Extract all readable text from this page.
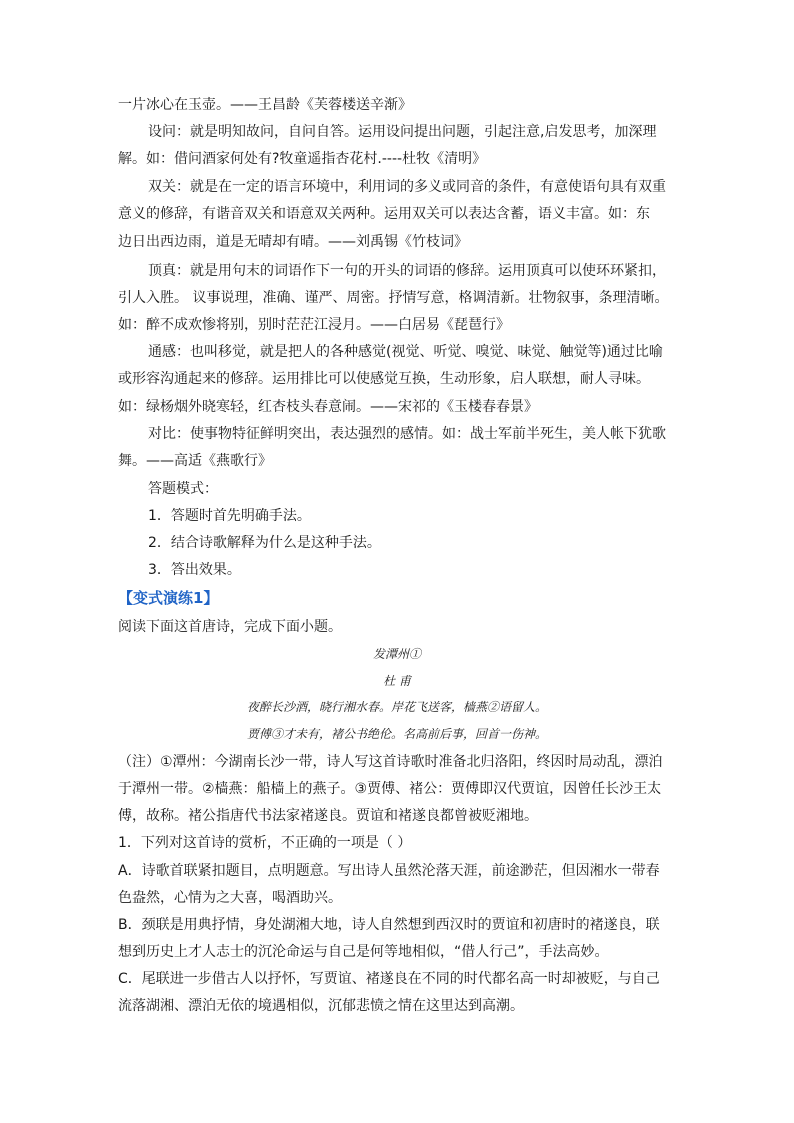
一片冰心在玉壶。——王昌龄《芙蓉楼送辛渐》
设问：就是明知故问，自问自答。运用设问提出问题，引起注意,启发思考，加深理
解。如：借问酒家何处有?牧童遥指杏花村.----杜牧《清明》
双关：就是在一定的语言环境中，利用词的多义或同音的条件，有意使语句具有双重
意义的修辞，有谐音双关和语意双关两种。运用双关可以表达含蓄，语义丰富。如：东
边日出西边雨，道是无晴却有晴。——刘禹锡《竹枝词》
顶真：就是用句末的词语作下一句的开头的词语的修辞。运用顶真可以使环环紧扣，
引人入胜。 议事说理，准确、谨严、周密。抒情写意，格调清新。壮物叙事，条理清晰。
如：醉不成欢惨将别，别时茫茫江浸月。——白居易《琵琶行》
通感：也叫移觉，就是把人的各种感觉(视觉、听觉、嗅觉、味觉、触觉等)通过比喻
或形容沟通起来的修辞。运用排比可以使感觉互换，生动形象，启人联想，耐人寻味。
如：绿杨烟外晓寒轻，红杏枝头春意闹。——宋祁的《玉楼春春景》
对比：使事物特征鲜明突出，表达强烈的感情。如：战士军前半死生，美人帐下犹歌
舞。——高适《燕歌行》
答题模式：
1．答题时首先明确手法。
2．结合诗歌解释为什么是这种手法。
3．答出效果。
【变式演练1】
阅读下面这首唐诗，完成下面小题。
发潭州①
杜 甫
夜醉长沙酒，晓行湘水春。岸花飞送客，樯燕②语留人。
贾傅③才未有，褚公书绝伦。名高前后事，回首一伤神。
（注）①潭州：今湖南长沙一带，诗人写这首诗歌时准备北归洛阳，终因时局动乱，漂泊
于潭州一带。②樯燕：船樯上的燕子。③贾傅、褚公：贾傅即汉代贾谊，因曾任长沙王太
傅，故称。褚公指唐代书法家褚遂良。贾谊和褚遂良都曾被贬湘地。
1．下列对这首诗的赏析，不正确的一项是（ ）
A．诗歌首联紧扣题目，点明题意。写出诗人虽然沦落天涯，前途渺茫，但因湘水一带春
色盎然，心情为之大喜，喝酒助兴。
B．颈联是用典抒情，身处湖湘大地，诗人自然想到西汉时的贾谊和初唐时的褚遂良，联
想到历史上才人志士的沉沦命运与自己是何等地相似，“借人行己”，手法高妙。
C．尾联进一步借古人以抒怀，写贾谊、褚遂良在不同的时代都名高一时却被贬，与自己
流落湖湘、漂泊无依的境遇相似，沉郁悲愤之情在这里达到高潮。
